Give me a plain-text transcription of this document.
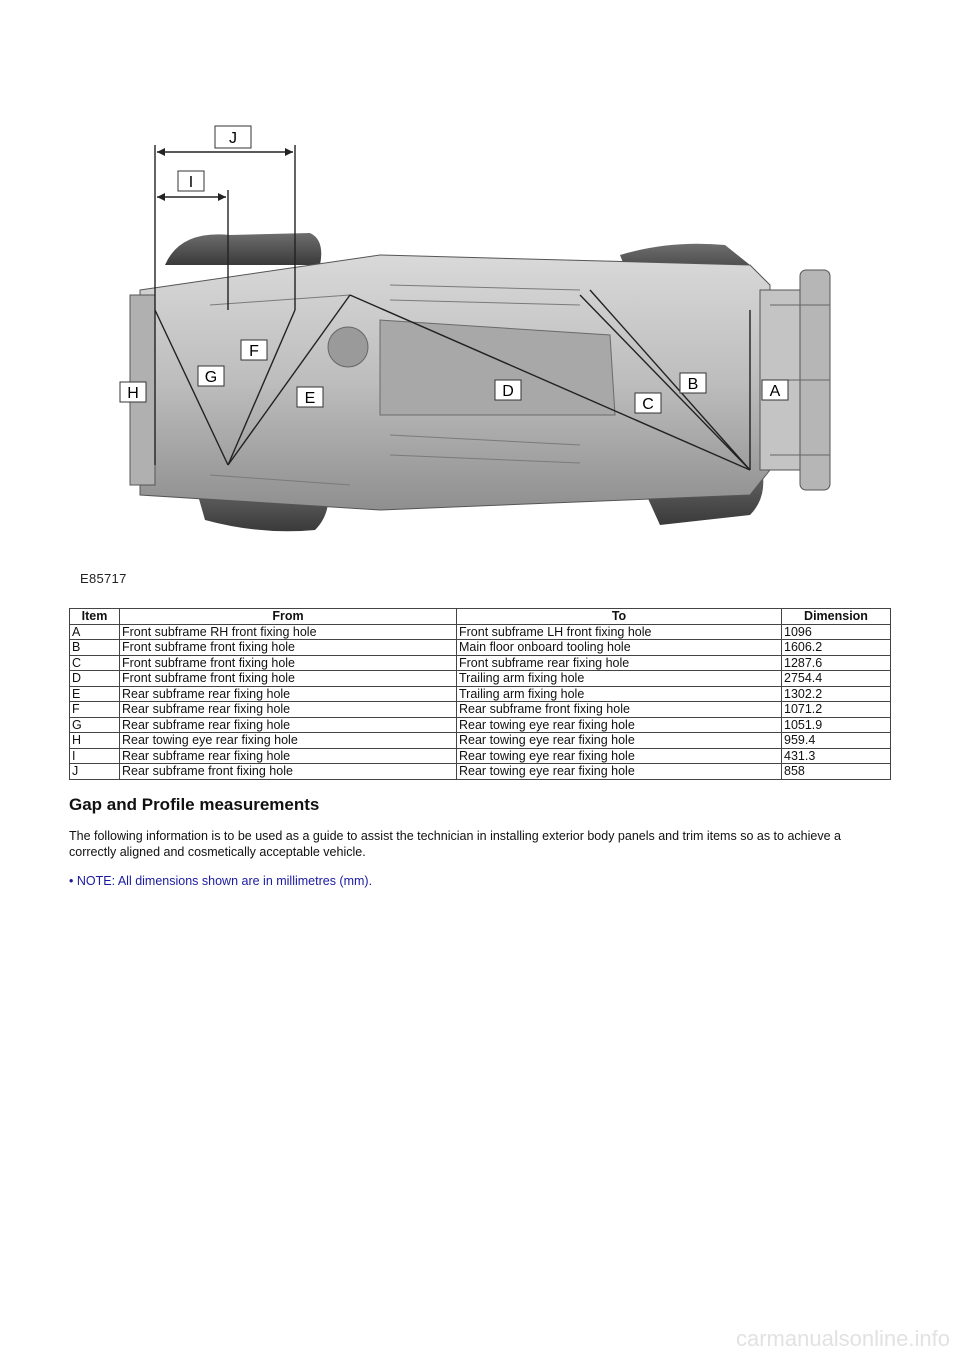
A
B
C
D
E
F
G
H
I
J
E85717
Item	From	To	Dimension
A	Front subframe RH front fixing hole	Front subframe LH front fixing hole	1096
B	Front subframe front fixing hole	Main floor onboard tooling hole	1606.2
C	Front subframe front fixing hole	Front subframe rear fixing hole	1287.6
D	Front subframe front fixing hole	Trailing arm fixing hole	2754.4
E	Rear subframe rear fixing hole	Trailing arm fixing hole	1302.2
F	Rear subframe rear fixing hole	Rear subframe front fixing hole	1071.2
G	Rear subframe rear fixing hole	Rear towing eye rear fixing hole	1051.9
H	Rear towing eye rear fixing hole	Rear towing eye rear fixing hole	959.4
I	Rear subframe rear fixing hole	Rear towing eye rear fixing hole	431.3
J	Rear subframe front fixing hole	Rear towing eye rear fixing hole	858
Gap and Profile measurements

The following information is to be used as a guide to assist the technician in installing exterior body panels and trim items so as to achieve a correctly aligned and cosmetically acceptable vehicle.

• NOTE: All dimensions shown are in millimetres (mm).

carmanualsonline.info
